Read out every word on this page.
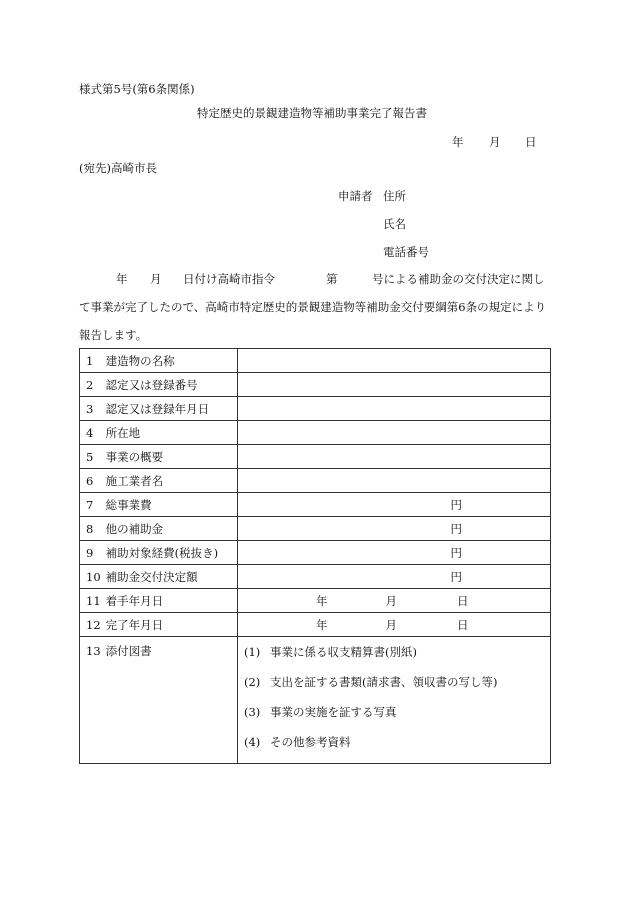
様式第5号(第6条関係)
特定歴史的景観建造物等補助事業完了報告書
年 月 日
(宛先)高崎市長
申請者 住所
氏名
電話番号
年 月 日付け高崎市指令	第	号による補助金の交付決定に関し
て事業が完了したので、高崎市特定歴史的景観建造物等補助金交付要綱第6条の規定により
報告します。
1 建造物の名称	
2 認定又は登録番号	
3 認定又は登録年月日	
4 所在地	
5 事業の概要	
6 施工業者名	
7 総事業費	円

8 他の補助金	円

9 補助対象経費(税抜き)	円

10 補助金交付決定額	円

11 着手年月日	年 月 日
12 完了年月日	年 月 日
13 添付図書	(1) 事業に係る収支精算書(別紙)
(2) 支出を証する書類(請求書、領収書の写し等)
(3) 事業の実施を証する写真
(4) その他参考資料
